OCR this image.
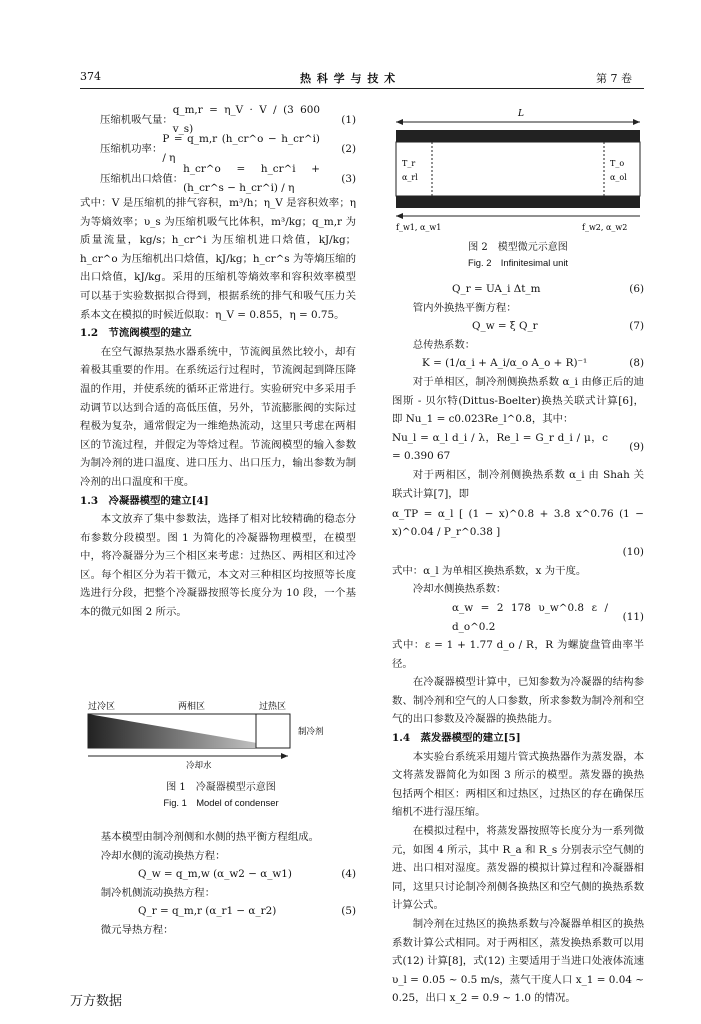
374	热 科 学 与 技 术	第 7 卷
压缩机吸气量：
q_m,r = η_V · V / (3 600 v_s)
(1)
压缩机功率：
P = q_m,r (h_cr^o − h_cr^i) / η
(2)
压缩机出口焓值：
h_cr^o = h_cr^i + (h_cr^s − h_cr^i) / η
(3)

式中：V 是压缩机的排气容积，m³/h；η_V 是容积效率；η 为等熵效率；υ_s 为压缩机吸气比体积，m³/kg；q_m,r 为质量流量，kg/s；h_cr^i 为压缩机进口焓值，kJ/kg；h_cr^o 为压缩机出口焓值，kJ/kg；h_cr^s 为等熵压缩的出口焓值，kJ/kg。采用的压缩机等熵效率和容积效率模型可以基于实验数据拟合得到，根据系统的排气和吸气压力关系本文在模拟的时候近似取：η_V = 0.855，η = 0.75。

1.2　节流阀模型的建立

在空气源热泵热水器系统中，节流阀虽然比较小，却有着极其重要的作用。在系统运行过程时，节流阀起到降压降温的作用，并使系统的循环正常进行。实验研究中多采用手动调节以达到合适的高低压值，另外，节流膨胀阀的实际过程极为复杂，通常假定为一维绝热流动，这里只考虑在两相区的节流过程，并假定为等焓过程。节流阀模型的输入参数为制冷剂的进口温度、进口压力、出口压力，输出参数为制冷剂的出口温度和干度。

1.3　冷凝器模型的建立[4]

本文放弃了集中参数法，选择了相对比较精确的稳态分布参数分段模型。图 1 为简化的冷凝器物理模型，在模型中，将冷凝器分为三个相区来考虑：过热区、两相区和过冷区。每个相区分为若干微元，本文对三种相区均按照等长度选进行分段，把整个冷凝器按照等长度分为 10 段，一个基本的微元如图 2 所示。

过冷区	两相区	过热区
制冷剂
冷却水
图 1　冷凝器模型示意图
Fig. 1　Model of condenser

基本模型由制冷剂侧和水侧的热平衡方程组成。

冷却水侧的流动换热方程：

Q_w = q_m,w (α_w2 − α_w1)	(4)

制冷机侧流动换热方程：

Q_r = q_m,r (α_r1 − α_r2)	(5)

微元导热方程：

L
T_r
α_rl
T_o
α_ol
f_w1, α_w1	f_w2, α_w2
图 2　模型微元示意图
Fig. 2　Infinitesimal unit
Q_r = UA_i Δt_m	(6)

管内外换热平衡方程：

Q_w = ξ Q_r	(7)

总传热系数：

K = (1/α_i + A_i/α_o A_o + R)⁻¹	(8)

对于单相区，制冷剂侧换热系数 α_i 由修正后的迪图斯 - 贝尔特(Dittus-Boelter)换热关联式计算[6]，即 Nu_1 = c0.023Re_l^0.8，其中：

Nu_l = α_l d_i / λ，Re_l = G_r d_i / μ，c = 0.390 67
(9)

对于两相区，制冷剂侧换热系数 α_i 由 Shah 关联式计算[7]，即

α_TP = α_l [ (1 − x)^0.8 + 3.8 x^0.76 (1 − x)^0.04 / P_r^0.38 ]
(10)

式中：α_l 为单相区换热系数，x 为干度。

冷却水侧换热系数：

α_w = 2 178 υ_w^0.8 ε / d_o^0.2
(11)

式中：ε = 1 + 1.77 d_o / R，R 为螺旋盘管曲率半径。

在冷凝器模型计算中，已知参数为冷凝器的结构参数、制冷剂和空气的人口参数，所求参数为制冷剂和空气的出口参数及冷凝器的换热能力。

1.4　蒸发器模型的建立[5]

本实验台系统采用翅片管式换热器作为蒸发器，本文将蒸发器简化为如图 3 所示的模型。蒸发器的换热包括两个相区：两相区和过热区，过热区的存在确保压缩机不进行湿压缩。

在模拟过程中，将蒸发器按照等长度分为一系列微元，如图 4 所示，其中 R_a 和 R_s 分别表示空气侧的进、出口相对湿度。蒸发器的模拟计算过程和冷凝器相同，这里只讨论制冷剂侧各换热区和空气侧的换热系数计算公式。

制冷剂在过热区的换热系数与冷凝器单相区的换热系数计算公式相同。对于两相区，蒸发换热系数可以用式(12) 计算[8]，式(12) 主要适用于当进口处液体流速 υ_l = 0.05 ~ 0.5 m/s，蒸气干度人口 x_1 = 0.04 ~ 0.25，出口 x_2 = 0.9 ~ 1.0 的情况。

万方数据
